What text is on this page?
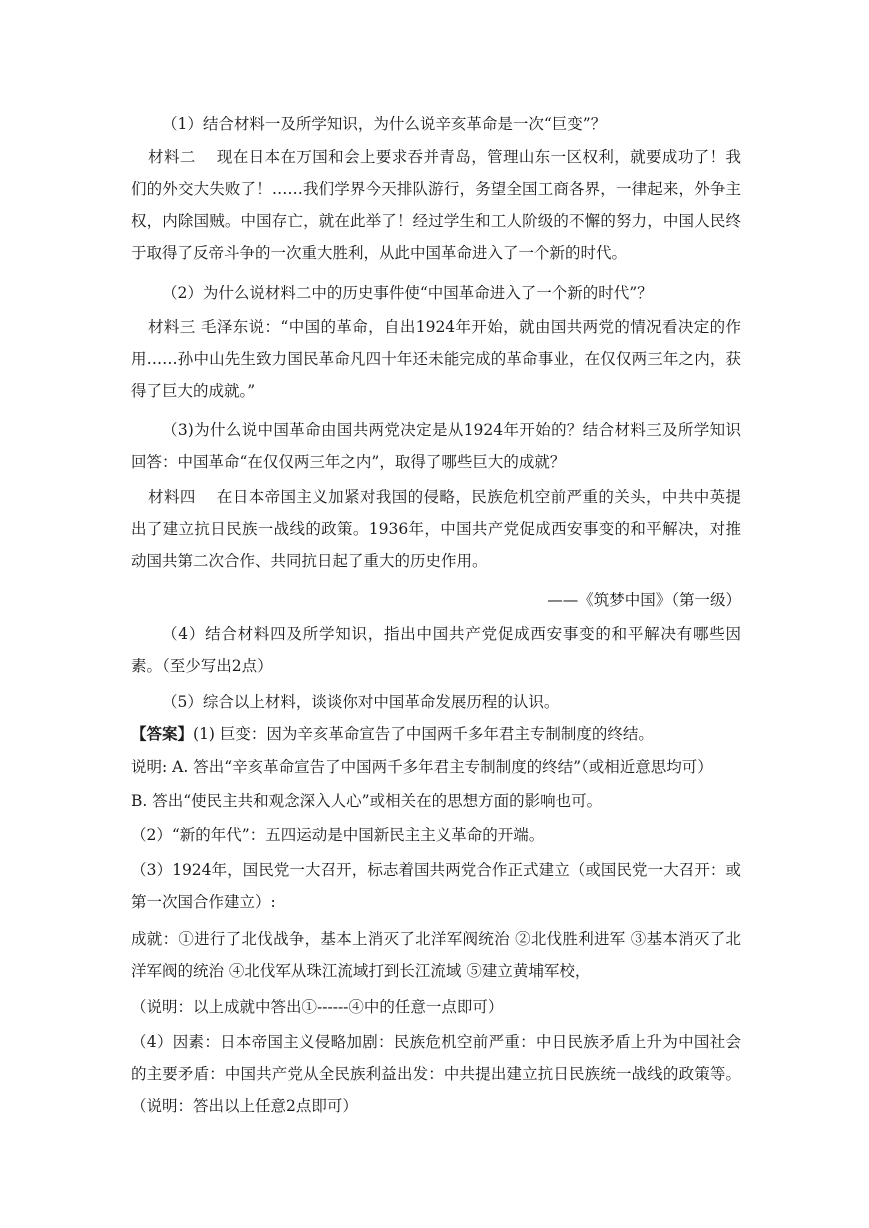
（1）结合材料一及所学知识，为什么说辛亥革命是一次“巨变”？

材料二　 现在日本在万国和会上要求吞并青岛，管理山东一区权利，就要成功了！我们的外交大失败了！……我们学界今天排队游行，务望全国工商各界，一律起来，外争主权，内除国贼。中国存亡，就在此举了！经过学生和工人阶级的不懈的努力，中国人民终于取得了反帝斗争的一次重大胜利，从此中国革命进入了一个新的时代。

（2）为什么说材料二中的历史事件使“中国革命进入了一个新的时代”？

材料三 毛泽东说：“中国的革命，自出1924年开始，就由国共两党的情况看决定的作用……孙中山先生致力国民革命凡四十年还未能完成的革命事业，在仅仅两三年之内，获得了巨大的成就。”

（3)为什么说中国革命由国共两党决定是从1924年开始的？结合材料三及所学知识回答：中国革命“在仅仅两三年之内”，取得了哪些巨大的成就？

材料四　 在日本帝国主义加紧对我国的侵略，民族危机空前严重的关头，中共中英提出了建立抗日民族一战线的政策。1936年，中国共产党促成西安事变的和平解决，对推动国共第二次合作、共同抗日起了重大的历史作用。

——《筑梦中国》（第一级）

（4）结合材料四及所学知识，指出中国共产党促成西安事变的和平解决有哪些因素。（至少写出2点）

（5）综合以上材料，谈谈你对中国革命发展历程的认识。

【答案】(1) 巨变：因为辛亥革命宣告了中国两千多年君主专制制度的终结。

说明: A. 答出“辛亥革命宣告了中国两千多年君主专制制度的终结”（或相近意思均可）

B. 答出“使民主共和观念深入人心”或相关在的思想方面的影响也可。

（2）“新的年代”：五四运动是中国新民主主义革命的开端。

（3）1924年，国民党一大召开，标志着国共两党合作正式建立（或国民党一大召开：或第一次国合作建立）:

成就：①进行了北伐战争，基本上消灭了北洋军阀统治 ②北伐胜利进军 ③基本消灭了北洋军阀的统治 ④北伐军从珠江流域打到长江流域 ⑤建立黄埔军校，

（说明：以上成就中答出①------④中的任意一点即可）

（4）因素：日本帝国主义侵略加剧：民族危机空前严重：中日民族矛盾上升为中国社会的主要矛盾：中国共产党从全民族利益出发：中共提出建立抗日民族统一战线的政策等。（说明：答出以上任意2点即可）
